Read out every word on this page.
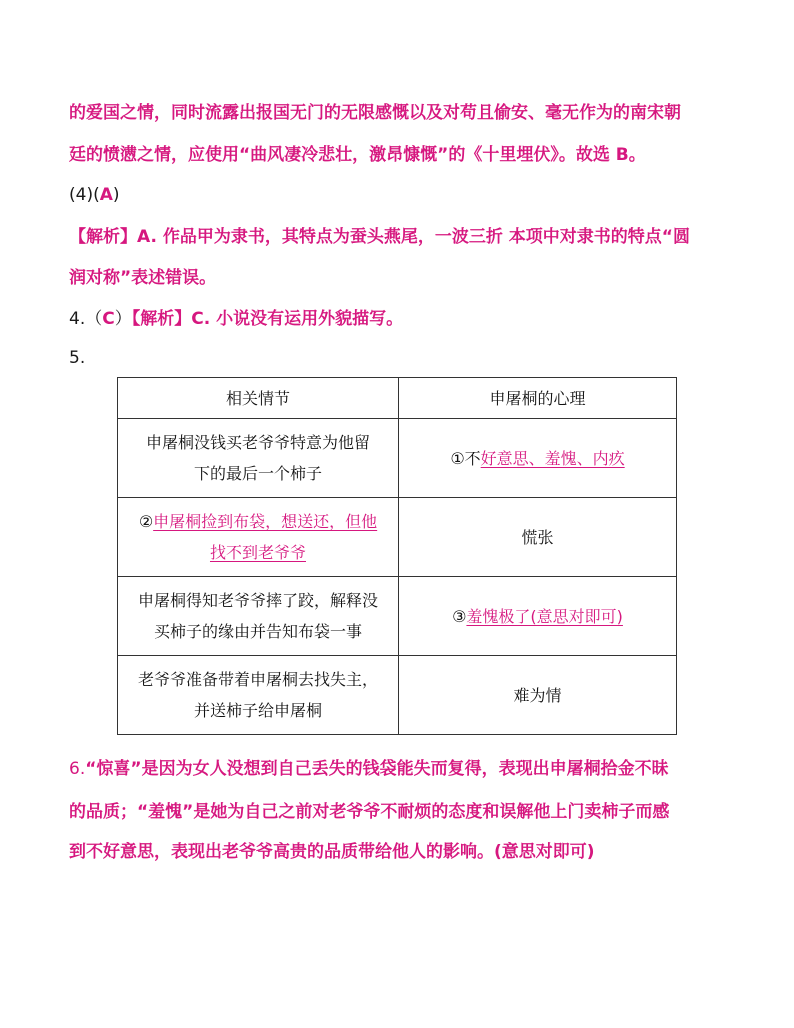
的爱国之情，同时流露出报国无门的无限感慨以及对苟且偷安、毫无作为的南宋朝
廷的愤懑之情，应使用“曲风凄冷悲壮，激昂慷慨”的《十里埋伏》。故选 B。
(4)(A)
【解析】A. 作品甲为隶书，其特点为蚕头燕尾，一波三折 本项中对隶书的特点“圆
润对称”表述错误。
4.（C）【解析】C. 小说没有运用外貌描写。
5.
相关情节	申屠桐的心理

申屠桐没钱买老爷爷特意为他留
下的最后一个柿子	①不好意思、羞愧、内疚

②申屠桐捡到布袋，想送还，但他
找不到老爷爷	慌张

申屠桐得知老爷爷摔了跤，解释没
买柿子的缘由并告知布袋一事	③羞愧极了(意思对即可)

老爷爷准备带着申屠桐去找失主，
并送柿子给申屠桐	难为情
6.“惊喜”是因为女人没想到自己丢失的钱袋能失而复得，表现出申屠桐拾金不昧
的品质；“羞愧”是她为自己之前对老爷爷不耐烦的态度和误解他上门卖柿子而感
到不好意思，表现出老爷爷高贵的品质带给他人的影响。(意思对即可)
